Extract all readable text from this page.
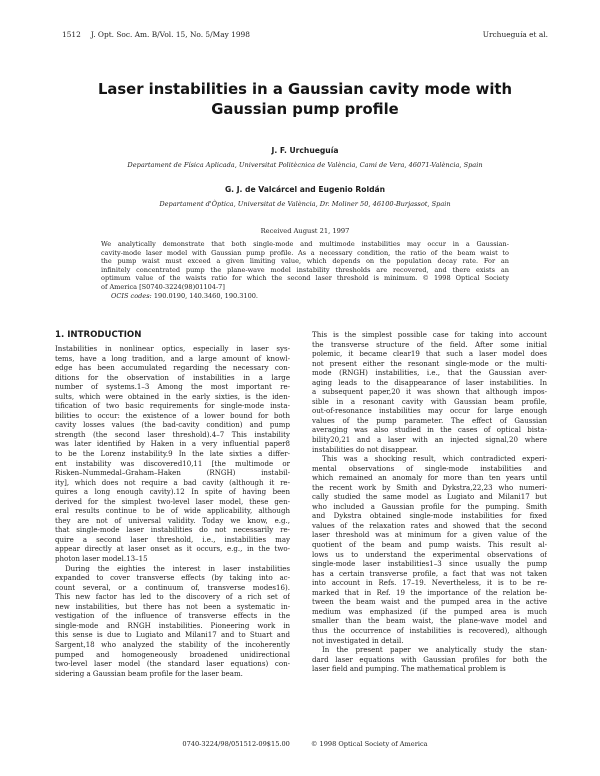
1512 J. Opt. Soc. Am. B/Vol. 15, No. 5/May 1998	Urchueguía et al.
Laser instabilities in a Gaussian cavity mode with
Gaussian pump profile
J. F. Urchueguía
Departament de Física Aplicada, Universitat Politècnica de València, Cami de Vera, 46071-València, Spain
G. J. de Valcárcel and Eugenio Roldán
Departament d'Òptica, Universitat de València, Dr. Moliner 50, 46100-Burjassot, Spain
Received August 21, 1997
We analytically demonstrate that both single-mode and multimode instabilities may occur in a Gaussian-
cavity-mode laser model with Gaussian pump profile. As a necessary condition, the ratio of the beam waist to
the pump waist must exceed a given limiting value, which depends on the population decay rate. For an
infinitely concentrated pump the plane-wave model instability thresholds are recovered, and there exists an
optimum value of the waists ratio for which the second laser threshold is minimum. © 1998 Optical Society
of America [S0740-3224(98)01104-7]
OCIS codes: 190.0190, 140.3460, 190.3100.
1. INTRODUCTION
Instabilities in nonlinear optics, especially in laser sys-
tems, have a long tradition, and a large amount of knowl-
edge has been accumulated regarding the necessary con-
ditions for the observation of instabilities in a large
number of systems.1–3 Among the most important re-
sults, which were obtained in the early sixties, is the iden-
tification of two basic requirements for single-mode insta-
bilities to occur: the existence of a lower bound for both
cavity losses values (the bad-cavity condition) and pump
strength (the second laser threshold).4–7 This instability
was later identified by Haken in a very influential paper8
to be the Lorenz instability.9 In the late sixties a differ-
ent instability was discovered10,11 [the multimode or
Risken–Nummedal–Graham–Haken (RNGH) instabil-
ity], which does not require a bad cavity (although it re-
quires a long enough cavity).12 In spite of having been
derived for the simplest two-level laser model, these gen-
eral results continue to be of wide applicability, although
they are not of universal validity. Today we know, e.g.,
that single-mode laser instabilities do not necessarily re-
quire a second laser threshold, i.e., instabilities may
appear directly at laser onset as it occurs, e.g., in the two-
photon laser model.13–15
During the eighties the interest in laser instabilities
expanded to cover transverse effects (by taking into ac-
count several, or a continuum of, transverse modes16).
This new factor has led to the discovery of a rich set of
new instabilities, but there has not been a systematic in-
vestigation of the influence of transverse effects in the
single-mode and RNGH instabilities. Pioneering work in
this sense is due to Lugiato and Milani17 and to Stuart and
Sargent,18 who analyzed the stability of the incoherently
pumped and homogeneously broadened unidirectional
two-level laser model (the standard laser equations) con-
sidering a Gaussian beam profile for the laser beam.
This is the simplest possible case for taking into account
the transverse structure of the field. After some initial
polemic, it became clear19 that such a laser model does
not present either the resonant single-mode or the multi-
mode (RNGH) instabilities, i.e., that the Gaussian aver-
aging leads to the disappearance of laser instabilities. In
a subsequent paper,20 it was shown that although impos-
sible in a resonant cavity with Gaussian beam profile,
out-of-resonance instabilities may occur for large enough
values of the pump parameter. The effect of Gaussian
averaging was also studied in the cases of optical bista-
bility20,21 and a laser with an injected signal,20 where
instabilities do not disappear.
This was a shocking result, which contradicted experi-
mental observations of single-mode instabilities and
which remained an anomaly for more than ten years until
the recent work by Smith and Dykstra,22,23 who numeri-
cally studied the same model as Lugiato and Milani17 but
who included a Gaussian profile for the pumping. Smith
and Dykstra obtained single-mode instabilities for fixed
values of the relaxation rates and showed that the second
laser threshold was at minimum for a given value of the
quotient of the beam and pump waists. This result al-
lows us to understand the experimental observations of
single-mode laser instabilities1–3 since usually the pump
has a certain transverse profile, a fact that was not taken
into account in Refs. 17–19. Nevertheless, it is to be re-
marked that in Ref. 19 the importance of the relation be-
tween the beam waist and the pumped area in the active
medium was emphasized (if the pumped area is much
smaller than the beam waist, the plane-wave model and
thus the occurrence of instabilities is recovered), although
not investigated in detail.
In the present paper we analytically study the stan-
dard laser equations with Gaussian profiles for both the
laser field and pumping. The mathematical problem is
0740-3224/98/051512-09$15.00          © 1998 Optical Society of America
